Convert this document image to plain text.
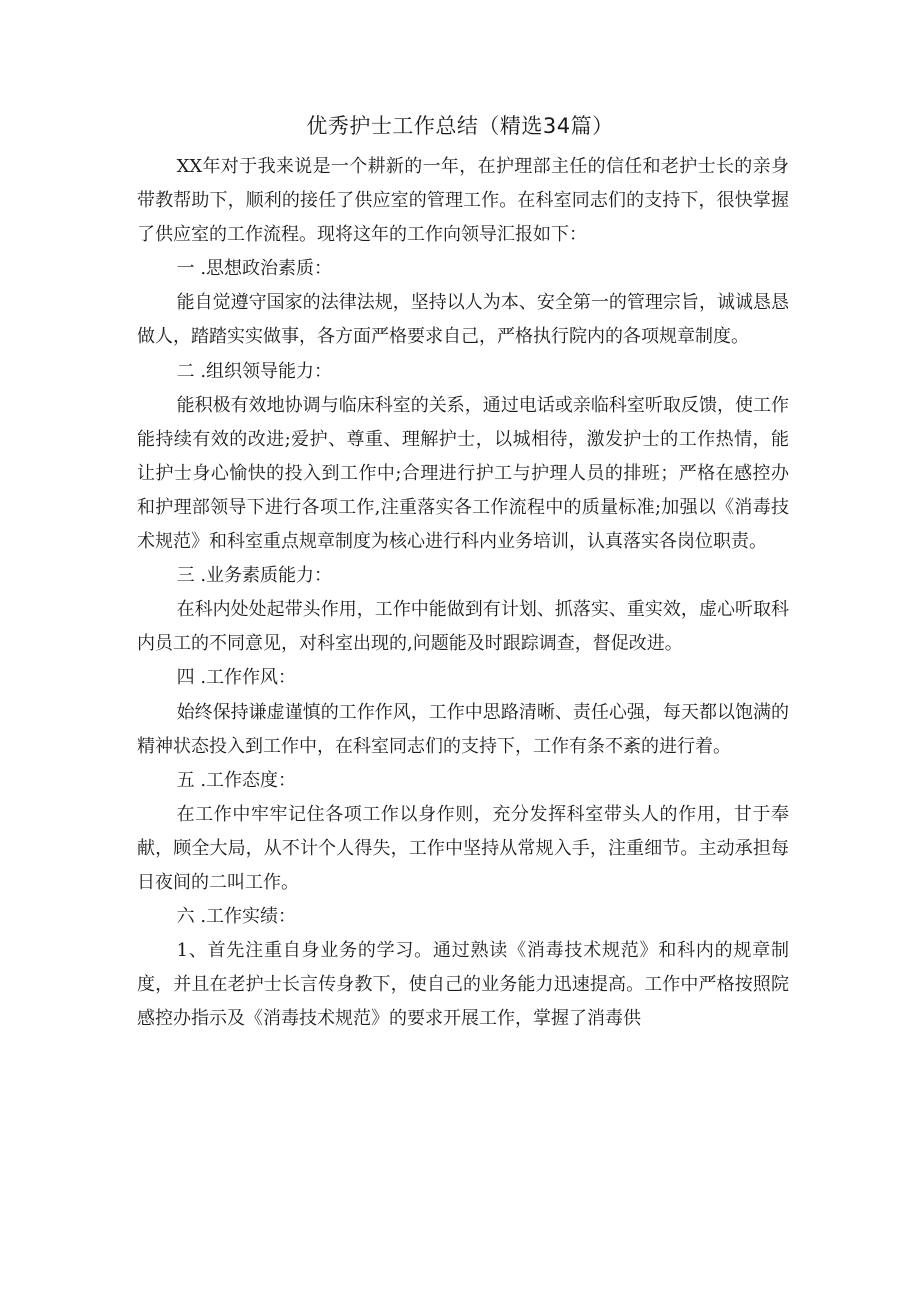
优秀护士工作总结（精选34篇）

XX年对于我来说是一个耕新的一年，在护理部主任的信任和老护士长的亲身带教帮助下，顺利的接任了供应室的管理工作。在科室同志们的支持下，很快掌握了供应室的工作流程。现将这年的工作向领导汇报如下：

一 .思想政治素质：

能自觉遵守国家的法律法规，坚持以人为本、安全第一的管理宗旨，诚诚恳恳做人，踏踏实实做事，各方面严格要求自己，严格执行院内的各项规章制度。

二 .组织领导能力：

能积极有效地协调与临床科室的关系，通过电话或亲临科室听取反馈，使工作能持续有效的改进;爱护、尊重、理解护士，以城相待，激发护士的工作热情，能让护士身心愉快的投入到工作中;合理进行护工与护理人员的排班；严格在感控办和护理部领导下进行各项工作,注重落实各工作流程中的质量标准;加强以《消毒技术规范》和科室重点规章制度为核心进行科内业务培训，认真落实各岗位职责。

三 .业务素质能力：

在科内处处起带头作用，工作中能做到有计划、抓落实、重实效，虚心听取科内员工的不同意见，对科室出现的,问题能及时跟踪调查，督促改进。

四 .工作作风：

始终保持谦虚谨慎的工作作风，工作中思路清晰、责任心强，每天都以饱满的精神状态投入到工作中，在科室同志们的支持下，工作有条不紊的进行着。

五 .工作态度：

在工作中牢牢记住各项工作以身作则，充分发挥科室带头人的作用，甘于奉献，顾全大局，从不计个人得失，工作中坚持从常规入手，注重细节。主动承担每日夜间的二叫工作。

六 .工作实绩：

1、首先注重自身业务的学习。通过熟读《消毒技术规范》和科内的规章制度，并且在老护士长言传身教下，使自己的业务能力迅速提高。工作中严格按照院感控办指示及《消毒技术规范》的要求开展工作，掌握了消毒供
